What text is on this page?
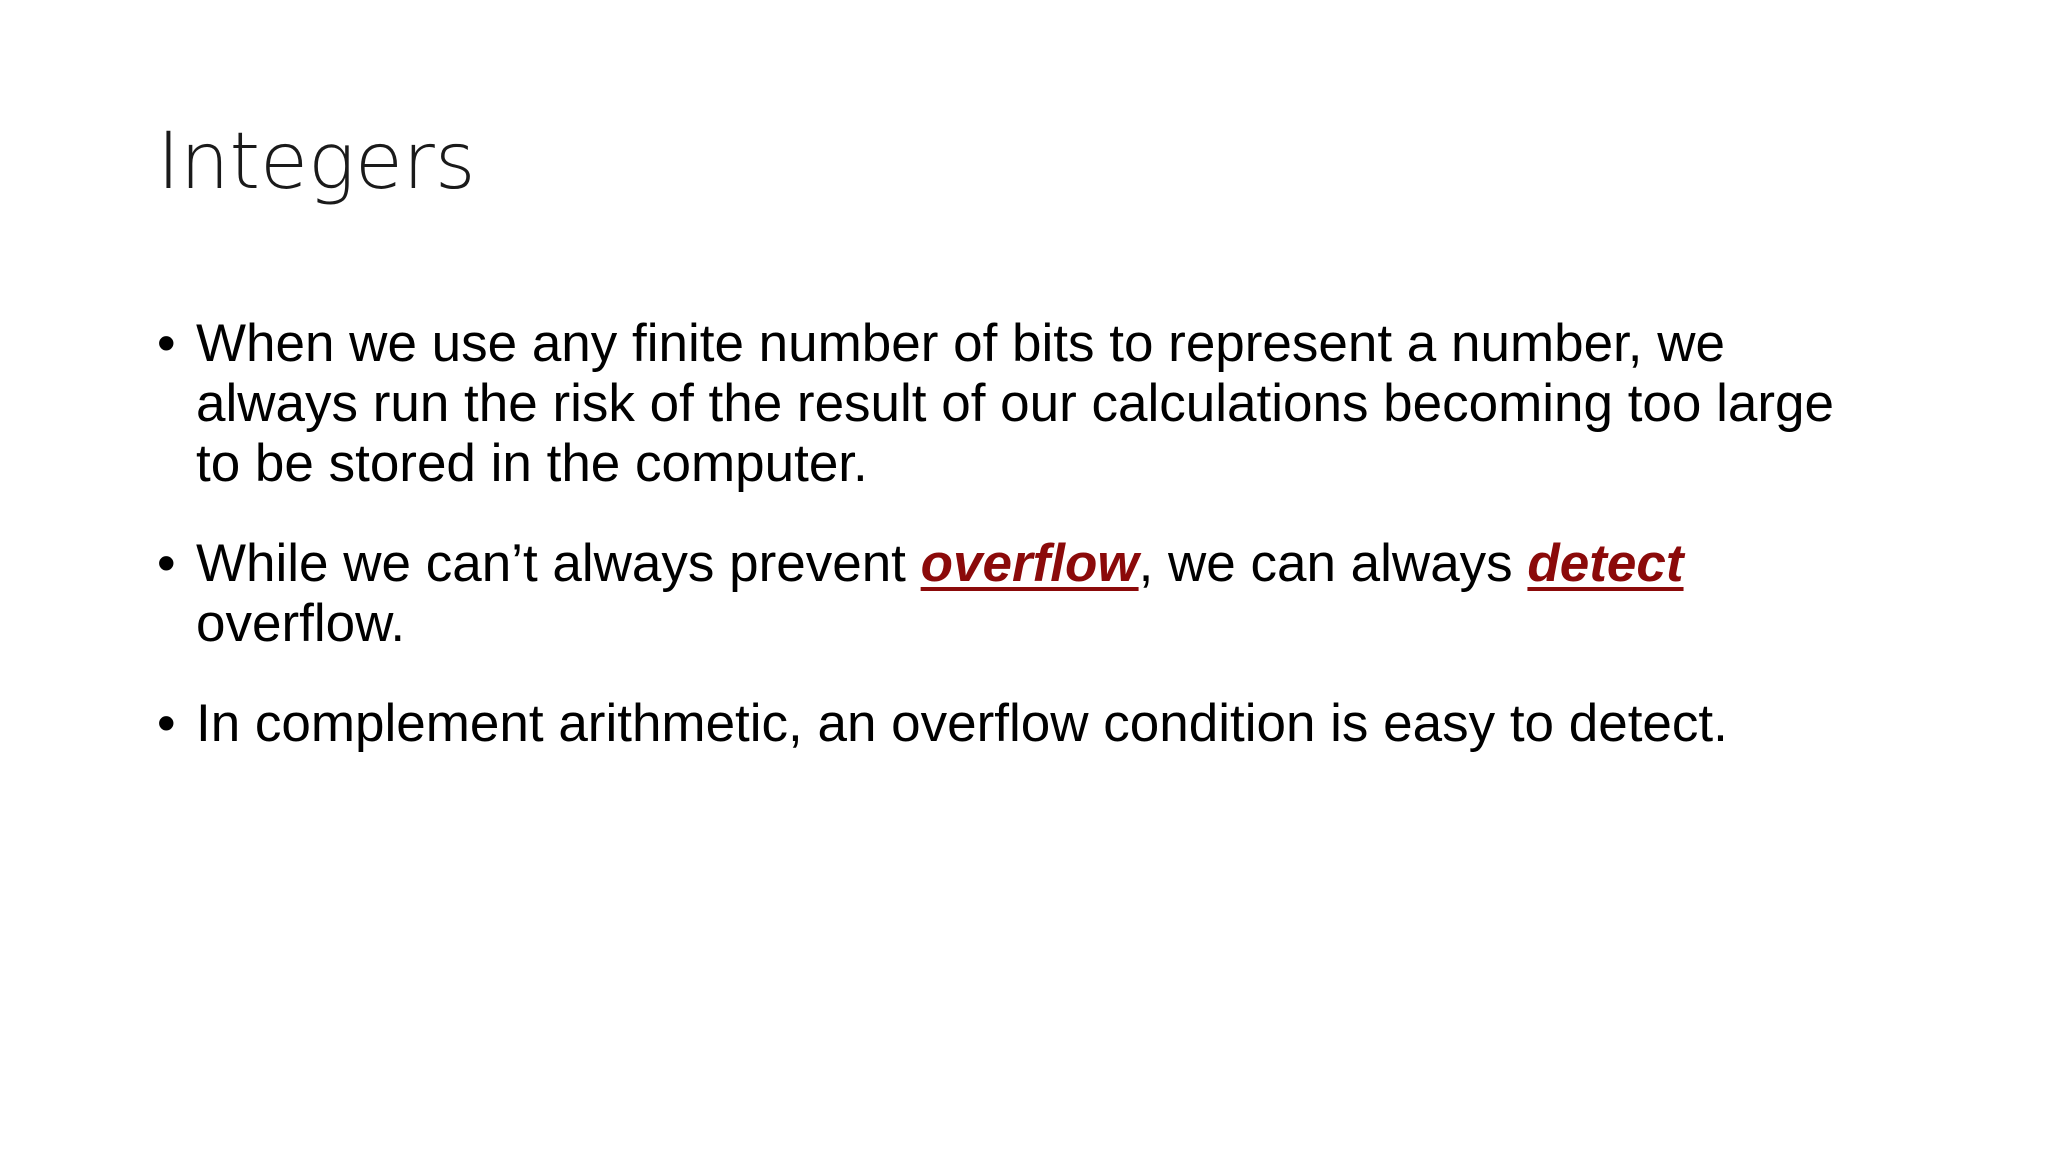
Integers
• When we use any finite number of bits to represent a number, we always run the risk of the result of our calculations becoming too large to be stored in the computer.
• While we can’t always prevent overflow, we can always detect overflow.
• In complement arithmetic, an overflow condition is easy to detect.
